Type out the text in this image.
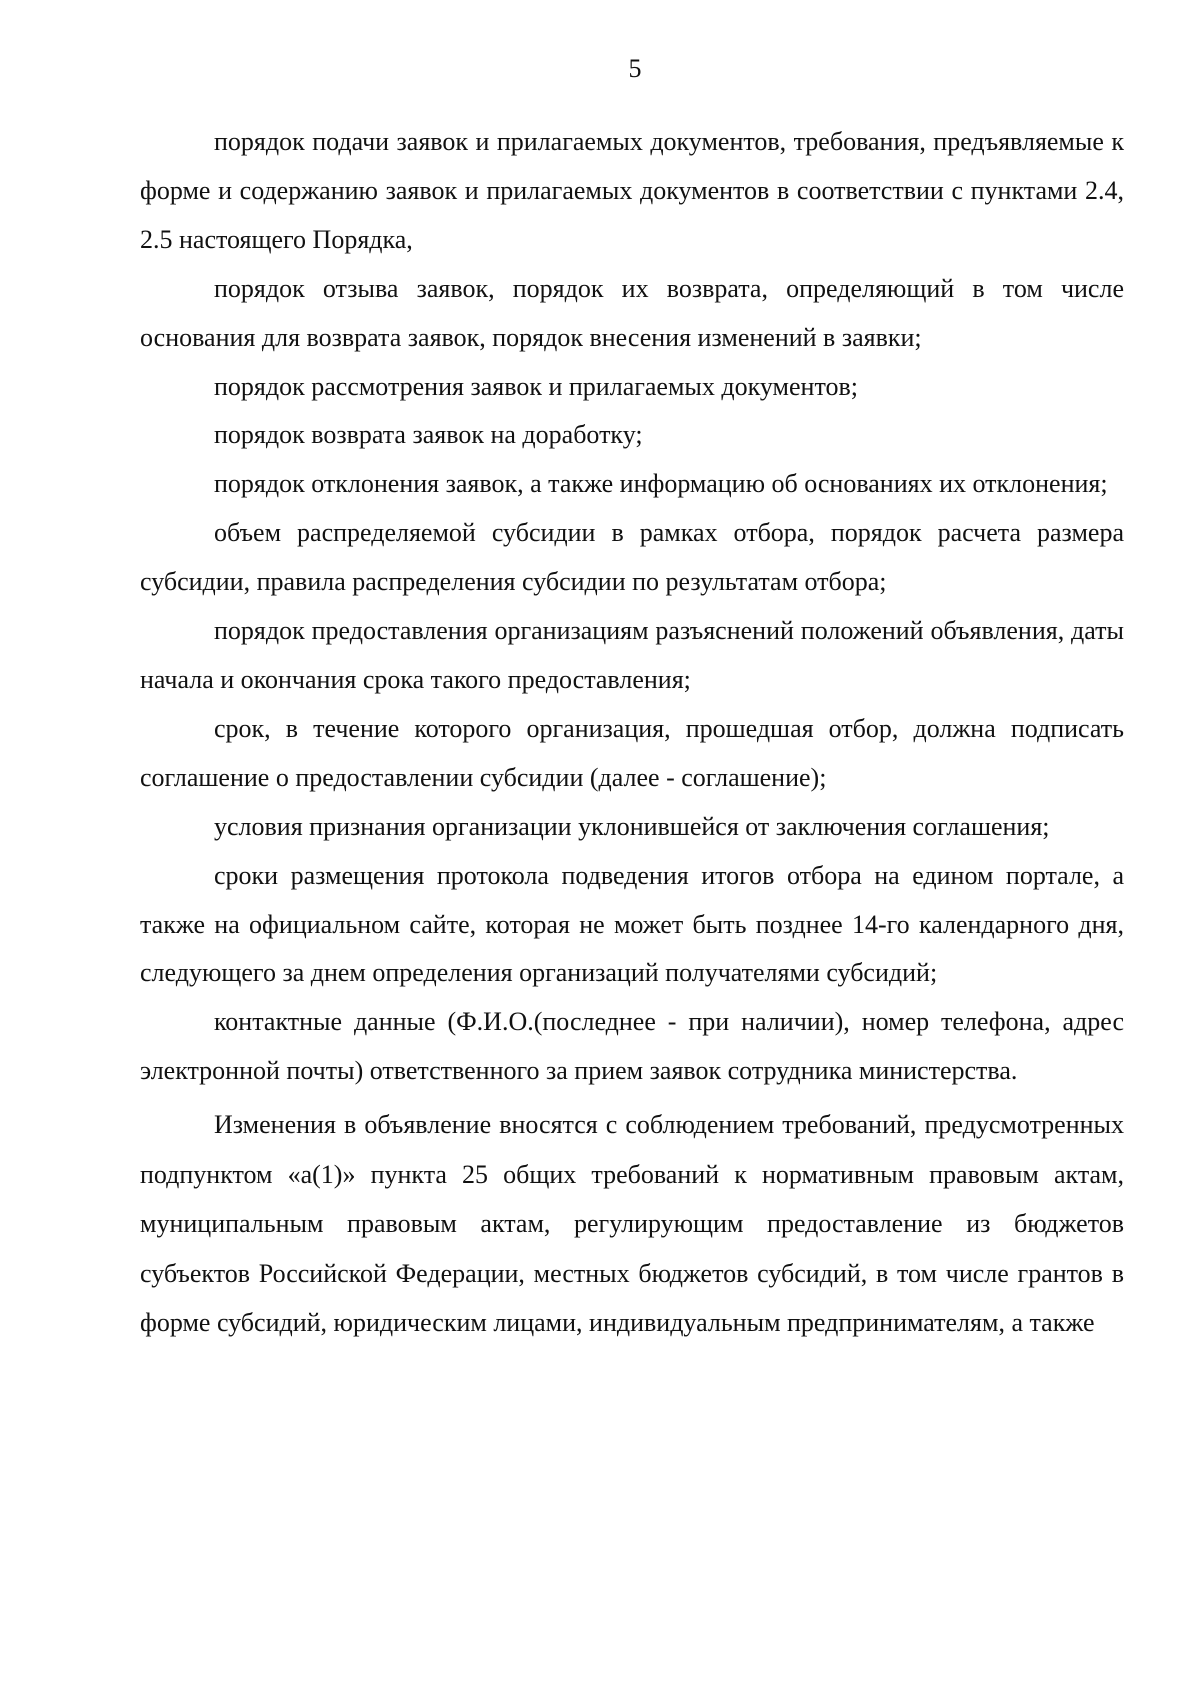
5

порядок подачи заявок и прилагаемых документов, требования, предъявляемые к форме и содержанию заявок и прилагаемых документов в соответствии с пунктами 2.4, 2.5 настоящего Порядка,

порядок отзыва заявок, порядок их возврата, определяющий в том числе основания для возврата заявок, порядок внесения изменений в заявки;

порядок рассмотрения заявок и прилагаемых документов;

порядок возврата заявок на доработку;

порядок отклонения заявок, а также информацию об основаниях их отклонения;

объем распределяемой субсидии в рамках отбора, порядок расчета размера субсидии, правила распределения субсидии по результатам отбора;

порядок предоставления организациям разъяснений положений объявления, даты начала и окончания срока такого предоставления;

срок, в течение которого организация, прошедшая отбор, должна подписать соглашение о предоставлении субсидии (далее - соглашение);

условия признания организации уклонившейся от заключения соглашения;

сроки размещения протокола подведения итогов отбора на едином портале, а также на официальном сайте, которая не может быть позднее 14-го календарного дня, следующего за днем определения организаций получателями субсидий;

контактные данные (Ф.И.О.(последнее - при наличии), номер телефона, адрес электронной почты) ответственного за прием заявок сотрудника министерства.

Изменения в объявление вносятся с соблюдением требований, предусмотренных подпунктом «а(1)» пункта 25 общих требований к нормативным правовым актам, муниципальным правовым актам, регулирующим предоставление из бюджетов субъектов Российской Федерации, местных бюджетов субсидий, в том числе грантов в форме субсидий, юридическим лицами, индивидуальным предпринимателям, а также
